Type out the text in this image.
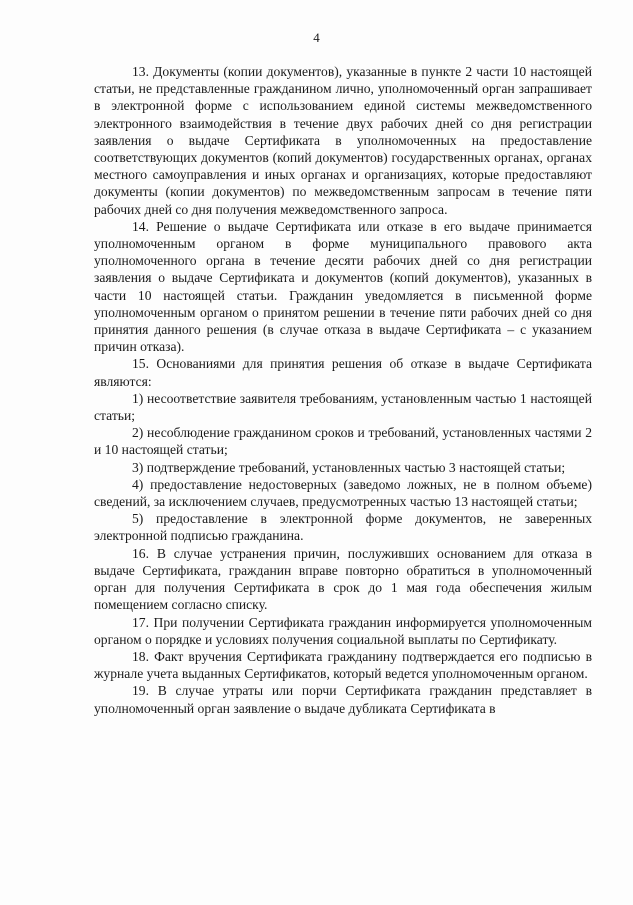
4

13. Документы (копии документов), указанные в пункте 2 части 10 настоящей статьи, не представленные гражданином лично, уполномоченный орган запрашивает в электронной форме с использованием единой системы межведомственного электронного взаимодействия в течение двух рабочих дней со дня регистрации заявления о выдаче Сертификата в уполномоченных на предоставление соответствующих документов (копий документов) государственных органах, органах местного самоуправления и иных органах и организациях, которые предоставляют документы (копии документов) по межведомственным запросам в течение пяти рабочих дней со дня получения межведомственного запроса.

14. Решение о выдаче Сертификата или отказе в его выдаче принимается уполномоченным органом в форме муниципального правового акта уполномоченного органа в течение десяти рабочих дней со дня регистрации заявления о выдаче Сертификата и документов (копий документов), указанных в части 10 настоящей статьи. Гражданин уведомляется в письменной форме уполномоченным органом о принятом решении в течение пяти рабочих дней со дня принятия данного решения (в случае отказа в выдаче Сертификата – с указанием причин отказа).

15. Основаниями для принятия решения об отказе в выдаче Сертификата являются:

1) несоответствие заявителя требованиям, установленным частью 1 настоящей статьи;

2) несоблюдение гражданином сроков и требований, установленных частями 2 и 10 настоящей статьи;

3) подтверждение требований, установленных частью 3 настоящей статьи;

4) предоставление недостоверных (заведомо ложных, не в полном объеме) сведений, за исключением случаев, предусмотренных частью 13 настоящей статьи;

5) предоставление в электронной форме документов, не заверенных электронной подписью гражданина.

16. В случае устранения причин, послуживших основанием для отказа в выдаче Сертификата, гражданин вправе повторно обратиться в уполномоченный орган для получения Сертификата в срок до 1 мая года обеспечения жилым помещением согласно списку.

17. При получении Сертификата гражданин информируется уполномоченным органом о порядке и условиях получения социальной выплаты по Сертификату.

18. Факт вручения Сертификата гражданину подтверждается его подписью в журнале учета выданных Сертификатов, который ведется уполномоченным органом.

19. В случае утраты или порчи Сертификата гражданин представляет в уполномоченный орган заявление о выдаче дубликата Сертификата в
